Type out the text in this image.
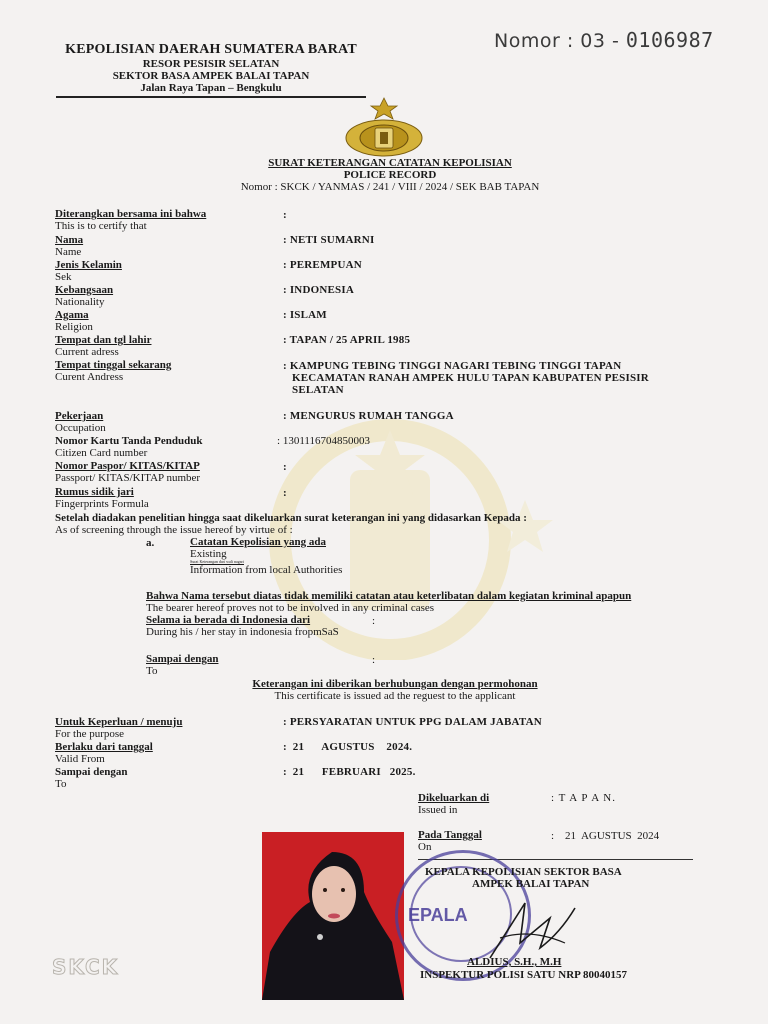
Nomor : 03 - 0106987
KEPOLISIAN DAERAH SUMATERA BARAT
RESOR PESISIR SELATAN
SEKTOR BASA AMPEK BALAI TAPAN
Jalan Raya Tapan – Bengkulu
SURAT KETERANGAN CATATAN KEPOLISIAN
POLICE RECORD
Nomor : SKCK / YANMAS / 241 / VIII / 2024 / SEK BAB TAPAN
Diterangkan bersama ini bahwa
This is to certify that
:
Nama
Name
: NETI SUMARNI
Jenis Kelamin
Sek
: PEREMPUAN
Kebangsaan
Nationality
: INDONESIA
Agama
Religion
: ISLAM
Tempat dan tgl lahir
Current adress
: TAPAN / 25 APRIL 1985
Tempat tinggal sekarang
Curent Andress
: KAMPUNG TEBING TINGGI NAGARI TEBING TINGGI TAPAN
KECAMATAN RANAH AMPEK HULU TAPAN KABUPATEN PESISIR
SELATAN
Pekerjaan
Occupation
: MENGURUS RUMAH TANGGA
Nomor Kartu Tanda Penduduk
Citizen Card number
: 1301116704850003
Nomor Paspor/ KITAS/KITAP
Passport/ KITAS/KITAP number
:
Rumus sidik jari
Fingerprints Formula
:
Setelah diadakan penelitian hingga saat dikeluarkan surat keterangan ini yang didasarkan Kepada :
As of screening through the issue hereof by virtue of :
a.	Catatan Kepolisian yang ada
Existing
Surat Keterangan dari wali nagari
Information from local Authorities
Bahwa Nama tersebut diatas tidak memiliki catatan atau keterlibatan dalam kegiatan kriminal apapun
The bearer hereof proves not to be involved in any criminal cases
Selama ia berada di Indonesia dari
During his / her stay in indonesia fropmSaS
:
Sampai dengan
To
:
Keterangan ini diberikan berhubungan dengan permohonan
This certificate is issued ad the reguest to the applicant
Untuk Keperluan / menuju
For the purpose
: PERSYARATAN UNTUK PPG DALAM JABATAN
Berlaku dari tanggal
Valid From
:  21      AGUSTUS    2024.
Sampai dengan
To
:  21      FEBRUARI   2025.
Dikeluarkan di
Issued in
: T A P A N.
Pada Tanggal
On
:    21  AGUSTUS  2024
EPALA
KEPALA KEPOLISIAN SEKTOR BASA
AMPEK BALAI TAPAN
ALDIUS, S.H., M.H
INSPEKTUR POLISI SATU NRP 80040157
SKCK
